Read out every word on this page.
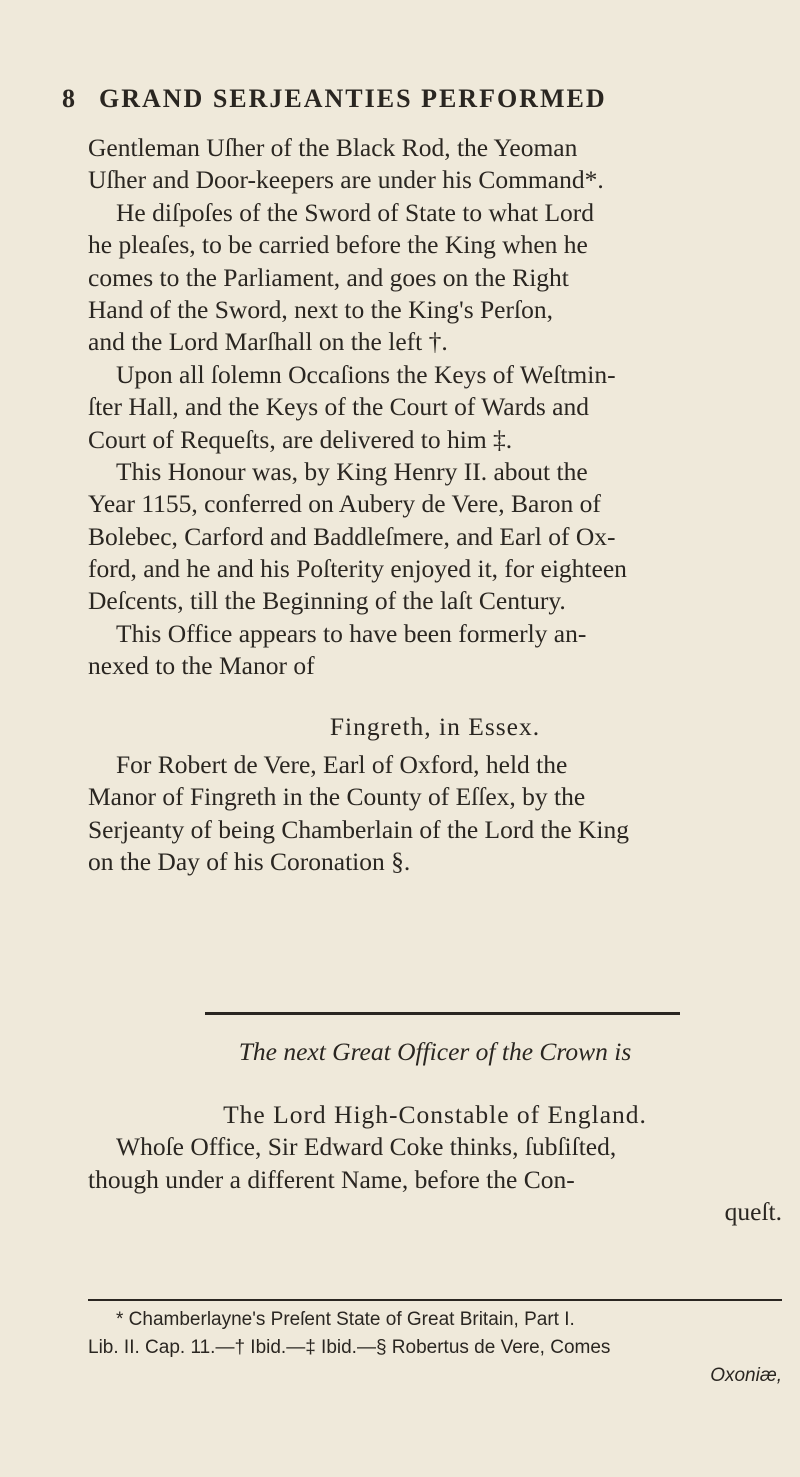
8 GRAND SERJEANTIES PERFORMED
Gentleman Uſher of the Black Rod, the Yeoman
Uſher and Door-keepers are under his Command*.
He diſpoſes of the Sword of State to what Lord
he pleaſes, to be carried before the King when he
comes to the Parliament, and goes on the Right
Hand of the Sword, next to the King's Perſon,
and the Lord Marſhall on the left †.
Upon all ſolemn Occaſions the Keys of Weſtmin-
ſter Hall, and the Keys of the Court of Wards and
Court of Requeſts, are delivered to him ‡.
This Honour was, by King Henry II. about the
Year 1155, conferred on Aubery de Vere, Baron of
Bolebec, Carford and Baddleſmere, and Earl of Ox-
ford, and he and his Poſterity enjoyed it, for eighteen
Deſcents, till the Beginning of the laſt Century.
This Office appears to have been formerly an-
nexed to the Manor of
Fingreth, in Essex.
For Robert de Vere, Earl of Oxford, held the
Manor of Fingreth in the County of Eſſex, by the
Serjeanty of being Chamberlain of the Lord the King
on the Day of his Coronation §.
The next Great Officer of the Crown is
The Lord High-Constable of England.
Whoſe Office, Sir Edward Coke thinks, ſubſiſted,
though under a different Name, before the Con-
queſt.
* Chamberlayne's Preſent State of Great Britain, Part I.
Lib. II. Cap. 11.—† Ibid.—‡ Ibid.—§ Robertus de Vere, Comes
Oxoniæ,
